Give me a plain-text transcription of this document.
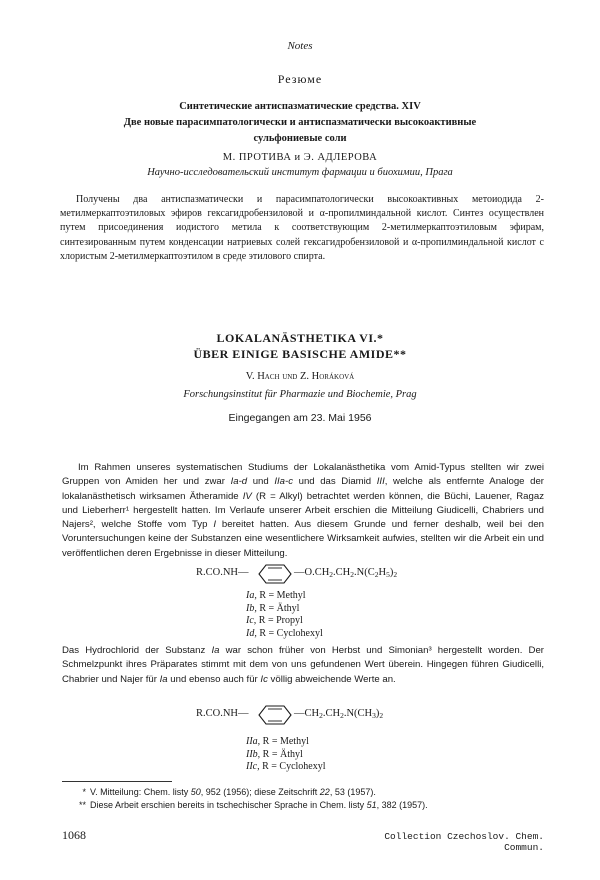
Notes
Резюме
Синтетические антиспазматические средства. XIV
Две новые парасимпатологически и антиспазматически высокоактивные
сульфониевые соли
М. ПРОТИВА и Э. АДЛЕРОВА
Научно-исследовательский институт фармации и биохимии, Прага
Получены два антиспазматически и парасимпатологически высокоактивных метоиодида 2-метилмеркаптоэтиловых эфиров гексагидробензиловой и α-пропилминдальной кислот. Синтез осуществлен путем присоединения иодистого метила к соответствующим 2-метилмеркаптоэтиловым эфирам, синтезированным путем конденсации натриевых солей гексагидробензиловой и α-пропилминдальной кислот с хлористым 2-метилмеркаптоэтилом в среде этилового спирта.
LOKALANÄSTHETIKA VI.*
ÜBER EINIGE BASISCHE AMIDE**
V. Hach und Z. Horáková
Forschungsinstitut für Pharmazie und Biochemie, Prag
Eingegangen am 23. Mai 1956
Im Rahmen unseres systematischen Studiums der Lokalanästhetika vom Amid-Typus stellten wir zwei Gruppen von Amiden her und zwar Ia-d und IIa-c und das Diamid III, welche als entfernte Analoge der lokalanästhetisch wirksamen Ätheramide IV (R = Alkyl) betrachtet werden können, die Büchi, Lauener, Ragaz und Lieberherr¹ hergestellt hatten. Im Verlaufe unserer Arbeit erschien die Mitteilung Giudicelli, Chabriers und Najers², welche Stoffe vom Typ I bereitet hatten. Aus diesem Grunde und ferner deshalb, weil bei den Voruntersuchungen keine der Substanzen eine wesentlichere Wirksamkeit aufwies, stellten wir die Arbeit ein und veröffentlichen deren Ergebnisse in dieser Mitteilung.
R.CO.NH—	$—O.CH_2.CH_2.N(C_2H_5)_2$
Ia, R = Methyl
Ib, R = Äthyl
Ic, R = Propyl
Id, R = Cyclohexyl
Das Hydrochlorid der Substanz Ia war schon früher von Herbst und Simonian³ hergestellt worden. Der Schmelzpunkt ihres Präparates stimmt mit dem von uns gefundenen Wert überein. Hingegen führen Giudicelli, Chabrier und Najer für Ia und ebenso auch für Ic völlig abweichende Werte an.
R.CO.NH—	$—CH_2.CH_2.N(CH_3)_2$
IIa, R = Methyl
IIb, R = Äthyl
IIc, R = Cyclohexyl
* V. Mitteilung: Chem. listy 50, 952 (1956); diese Zeitschrift 22, 53 (1957).
** Diese Arbeit erschien bereits in tschechischer Sprache in Chem. listy 51, 382 (1957).
1068	Collection Czechoslov. Chem. Commun.
